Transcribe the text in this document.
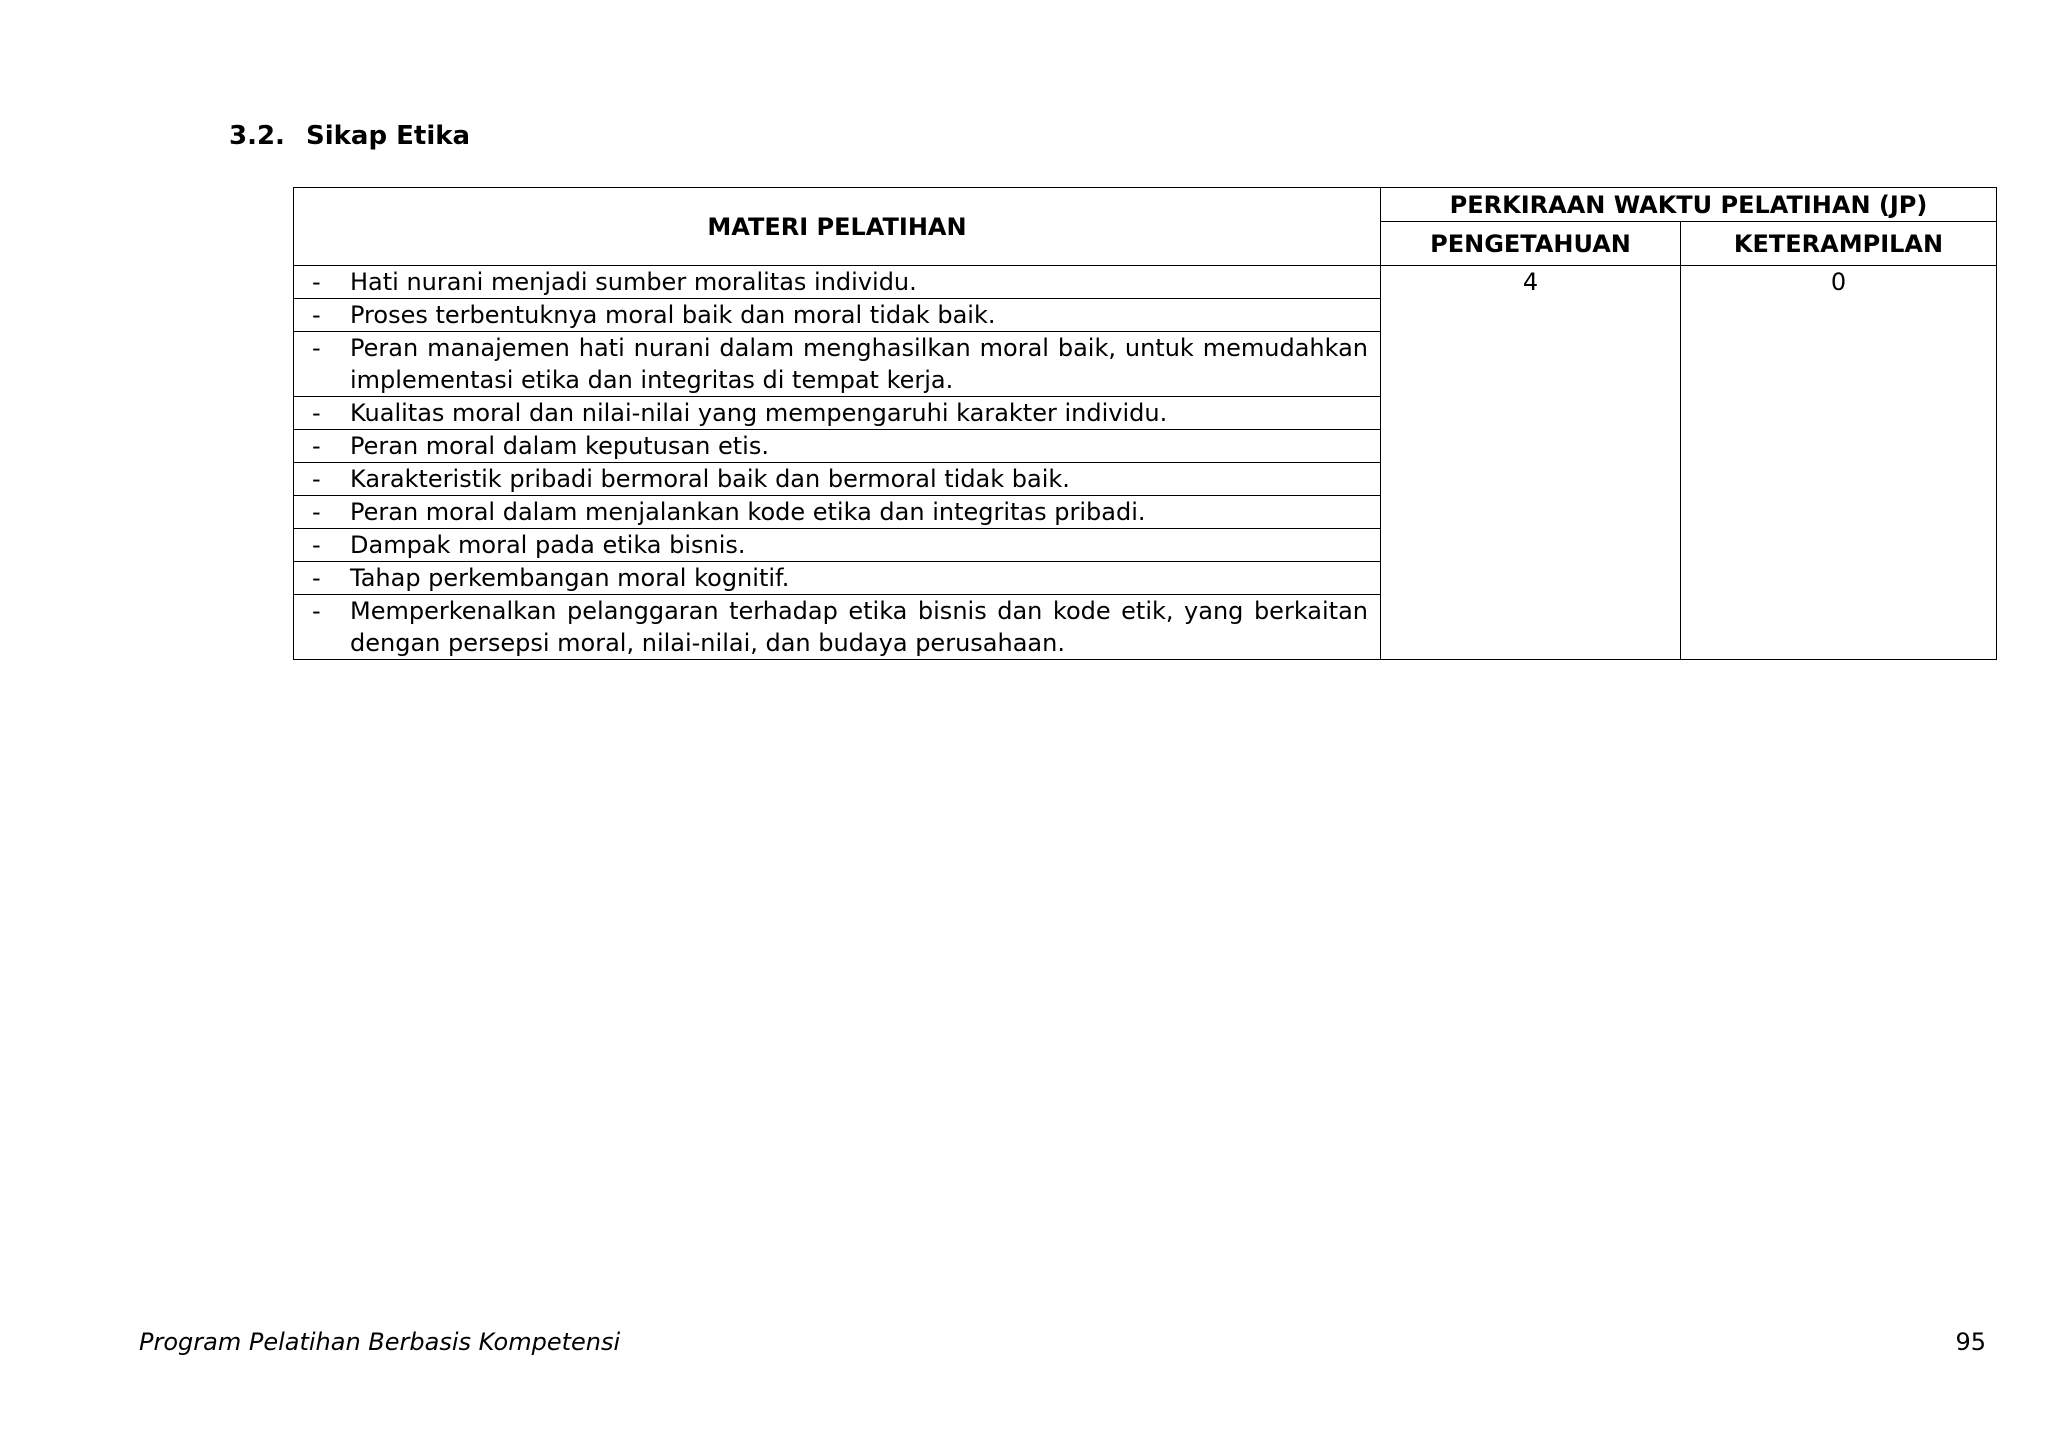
3.2. Sikap Etika
MATERI PELATIHAN	PERKIRAAN WAKTU PELATIHAN (JP)	
	PENGETAHUAN	KETERAMPILAN

- Hati nurani menjadi sumber moralitas individu.	4	0

- Proses terbentuknya moral baik dan moral tidak baik.		

- Peran manajemen hati nurani dalam menghasilkan moral baik, untuk memudahkan implementasi etika dan integritas di tempat kerja.		

- Kualitas moral dan nilai-nilai yang mempengaruhi karakter individu.		

- Peran moral dalam keputusan etis.		

- Karakteristik pribadi bermoral baik dan bermoral tidak baik.		

- Peran moral dalam menjalankan kode etika dan integritas pribadi.		

- Dampak moral pada etika bisnis.		

- Tahap perkembangan moral kognitif.		

- Memperkenalkan pelanggaran terhadap etika bisnis dan kode etik, yang berkaitan dengan persepsi moral, nilai-nilai, dan budaya perusahaan.		
Program Pelatihan Berbasis Kompetensi	95
